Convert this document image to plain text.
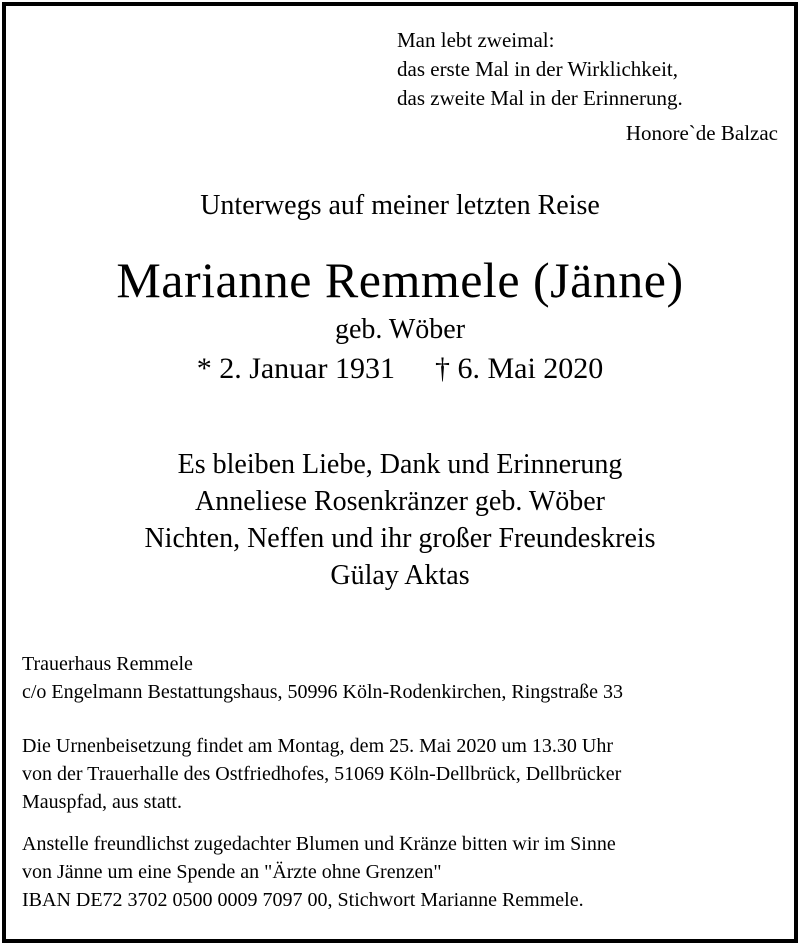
Man lebt zweimal:
das erste Mal in der Wirklichkeit,
das zweite Mal in der Erinnerung.
Honore`de Balzac
Unterwegs auf meiner letzten Reise
Marianne Remmele (Jänne)
geb. Wöber
* 2. Januar 1931 † 6. Mai 2020
Es bleiben Liebe, Dank und Erinnerung
Anneliese Rosenkränzer geb. Wöber
Nichten, Neffen und ihr großer Freundeskreis
Gülay Aktas
Trauerhaus Remmele
c/o Engelmann Bestattungshaus, 50996 Köln-Rodenkirchen, Ringstraße 33
Die Urnenbeisetzung findet am Montag, dem 25. Mai 2020 um 13.30 Uhr
von der Trauerhalle des Ostfriedhofes, 51069 Köln-Dellbrück, Dellbrücker
Mauspfad, aus statt.
Anstelle freundlichst zugedachter Blumen und Kränze bitten wir im Sinne
von Jänne um eine Spende an "Ärzte ohne Grenzen"
IBAN DE72 3702 0500 0009 7097 00, Stichwort Marianne Remmele.
